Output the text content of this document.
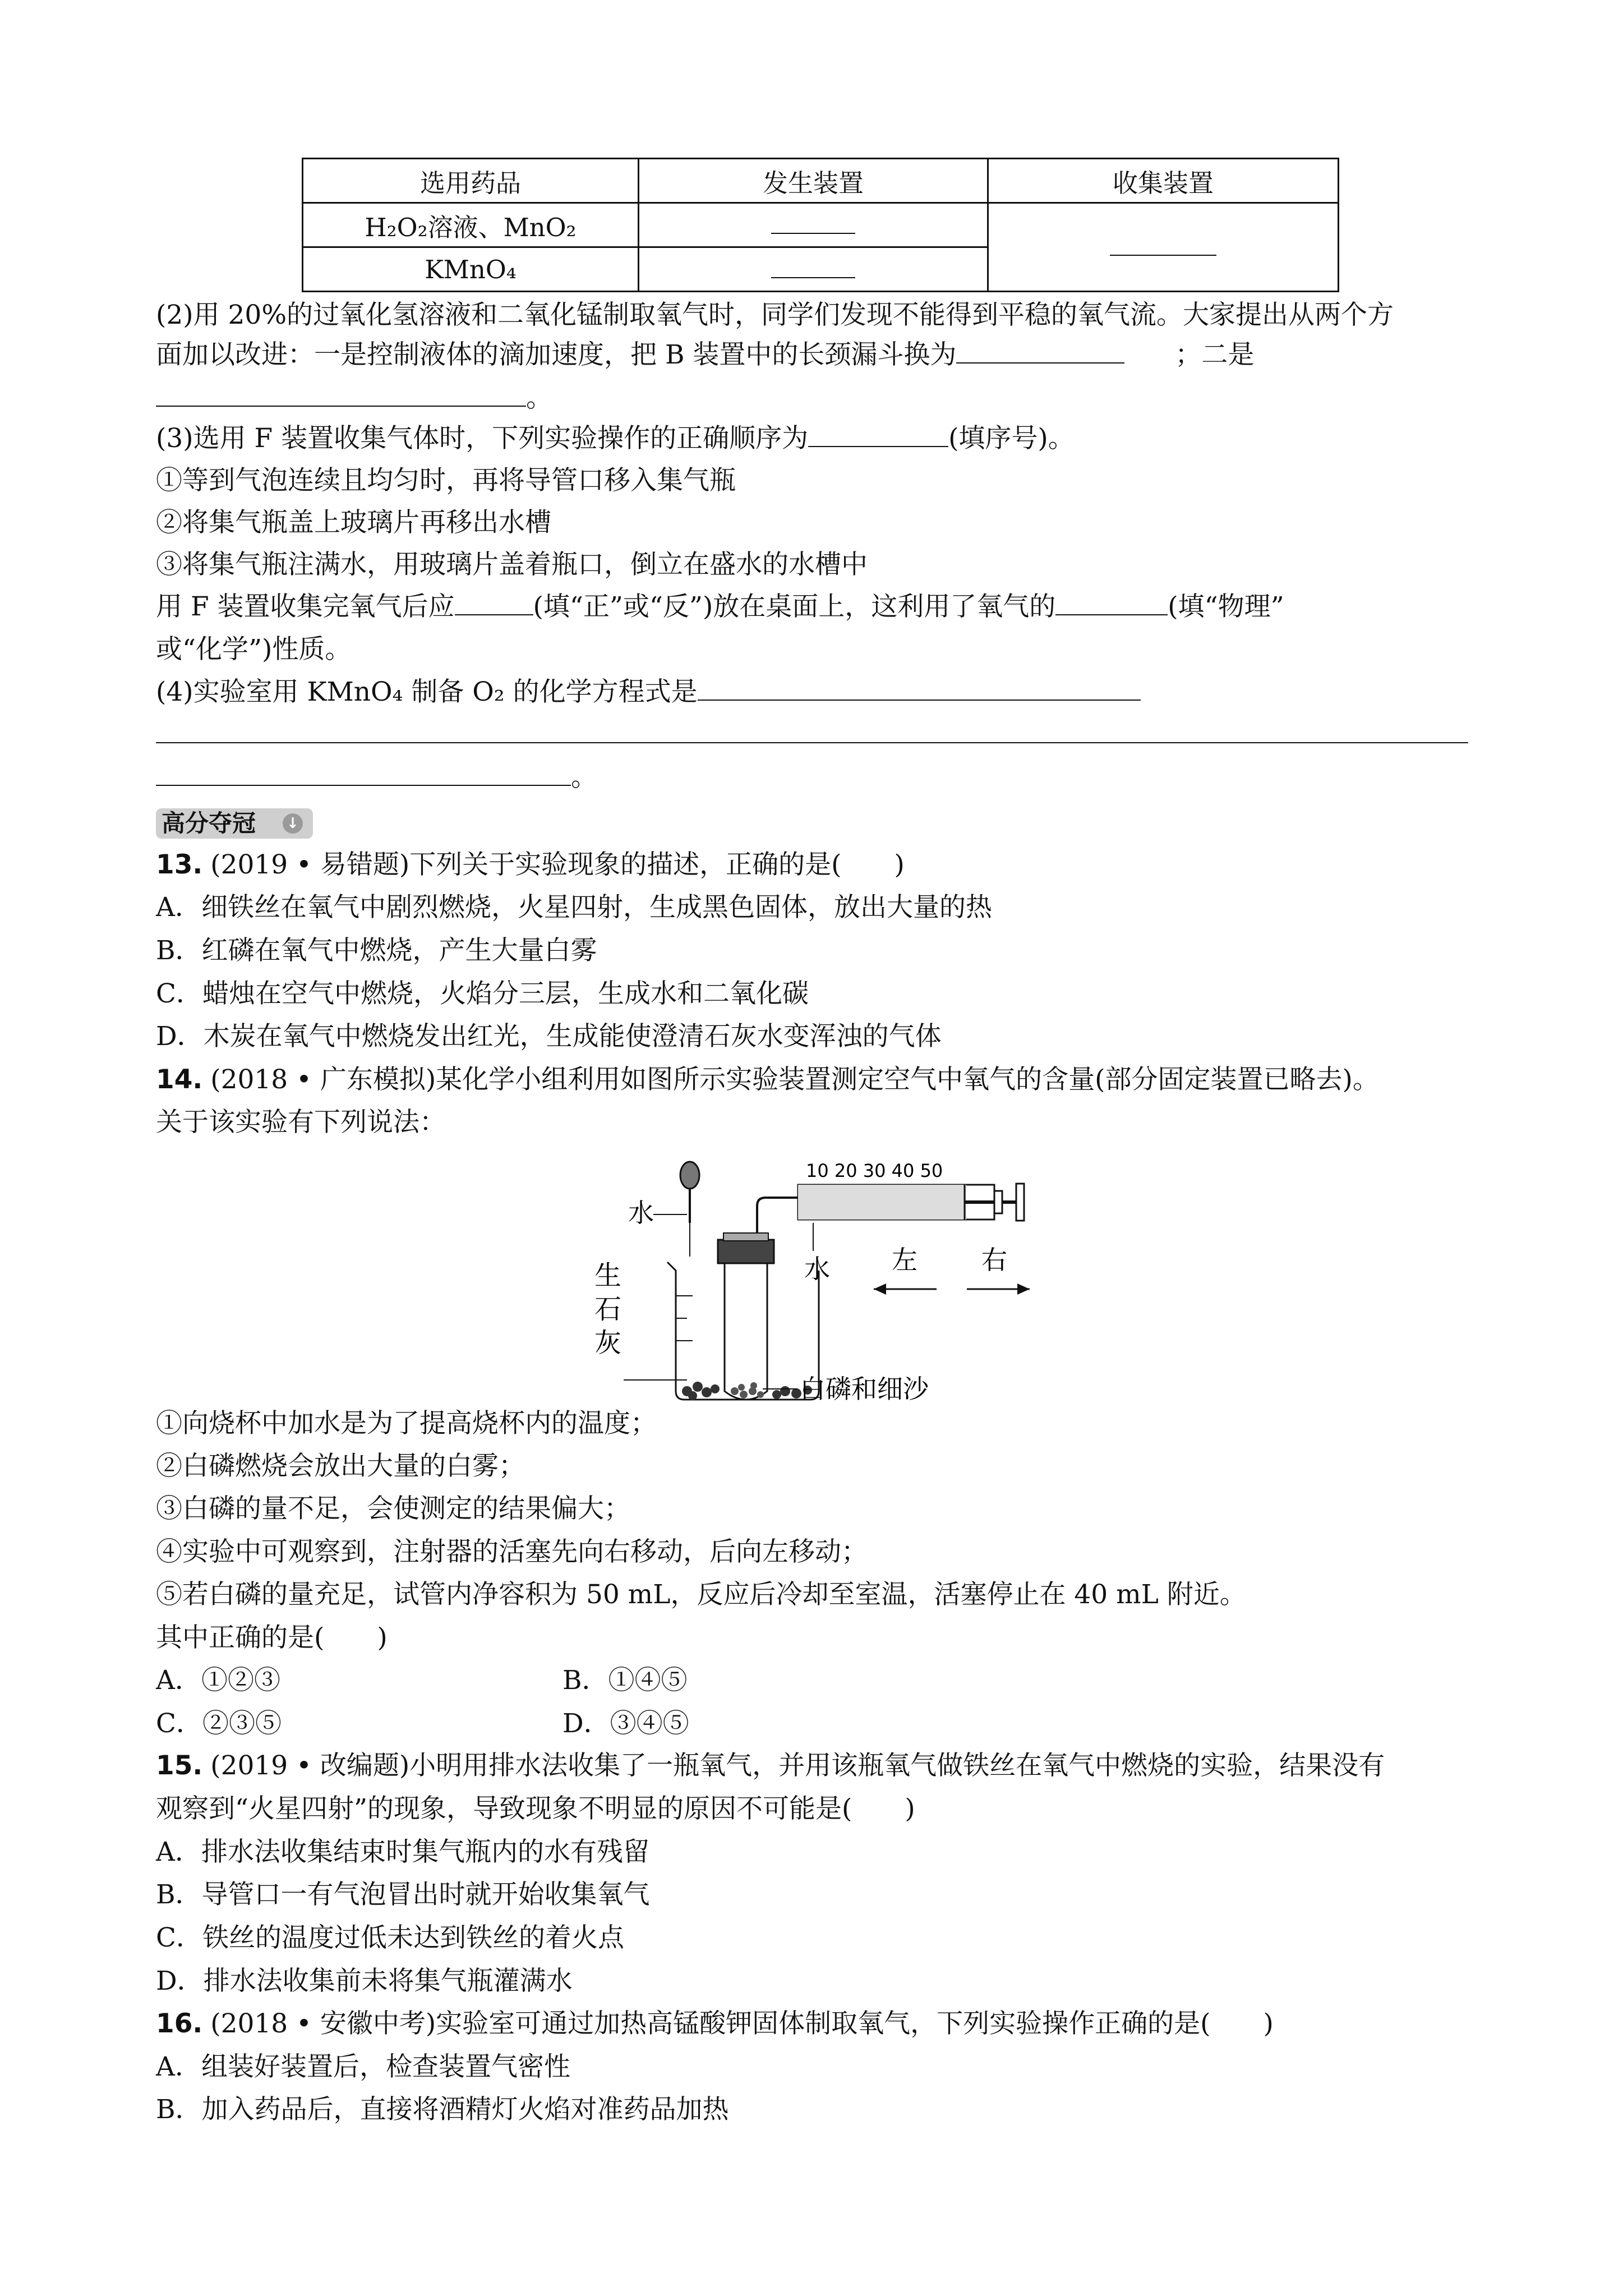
选用药品	发生装置	收集装置
H₂O₂溶液、MnO₂		
KMnO₄		
(2)用 20%的过氧化氢溶液和二氧化锰制取氧气时，同学们发现不能得到平稳的氧气流。大家提出从两个方
面加以改进：一是控制液体的滴加速度，把 B 装置中的长颈漏斗换为	；二是
。
(3)选用 F 装置收集气体时，下列实验操作的正确顺序为	(填序号)。
①等到气泡连续且均匀时，再将导管口移入集气瓶
②将集气瓶盖上玻璃片再移出水槽
③将集气瓶注满水，用玻璃片盖着瓶口，倒立在盛水的水槽中
用 F 装置收集完氧气后应	(填“正”或“反”)放在桌面上，这利用了氧气的	(填“物理”
或“化学”)性质。
(4)实验室用 KMnO₄ 制备 O₂ 的化学方程式是
。
高分夺冠 ↓
13. (2019 • 易错题)下列关于实验现象的描述，正确的是(　　)
A．细铁丝在氧气中剧烈燃烧，火星四射，生成黑色固体，放出大量的热
B．红磷在氧气中燃烧，产生大量白雾
C．蜡烛在空气中燃烧，火焰分三层，生成水和二氧化碳
D．木炭在氧气中燃烧发出红光，生成能使澄清石灰水变浑浊的气体
14. (2018 • 广东模拟)某化学小组利用如图所示实验装置测定空气中氧气的含量(部分固定装置已略去)。
关于该实验有下列说法：
水
10 20 30 40 50
水 左 右
生
石
灰
白磷和细沙
①向烧杯中加水是为了提高烧杯内的温度；
②白磷燃烧会放出大量的白雾；
③白磷的量不足，会使测定的结果偏大；
④实验中可观察到，注射器的活塞先向右移动，后向左移动；
⑤若白磷的量充足，试管内净容积为 50 mL，反应后冷却至室温，活塞停止在 40 mL 附近。
其中正确的是(　　)
A．①②③	B．①④⑤
C．②③⑤	D．③④⑤
15. (2019 • 改编题)小明用排水法收集了一瓶氧气，并用该瓶氧气做铁丝在氧气中燃烧的实验，结果没有
观察到“火星四射”的现象，导致现象不明显的原因不可能是(　　)
A．排水法收集结束时集气瓶内的水有残留
B．导管口一有气泡冒出时就开始收集氧气
C．铁丝的温度过低未达到铁丝的着火点
D．排水法收集前未将集气瓶灌满水
16. (2018 • 安徽中考)实验室可通过加热高锰酸钾固体制取氧气，下列实验操作正确的是(　　)
A．组装好装置后，检查装置气密性
B．加入药品后，直接将酒精灯火焰对准药品加热
